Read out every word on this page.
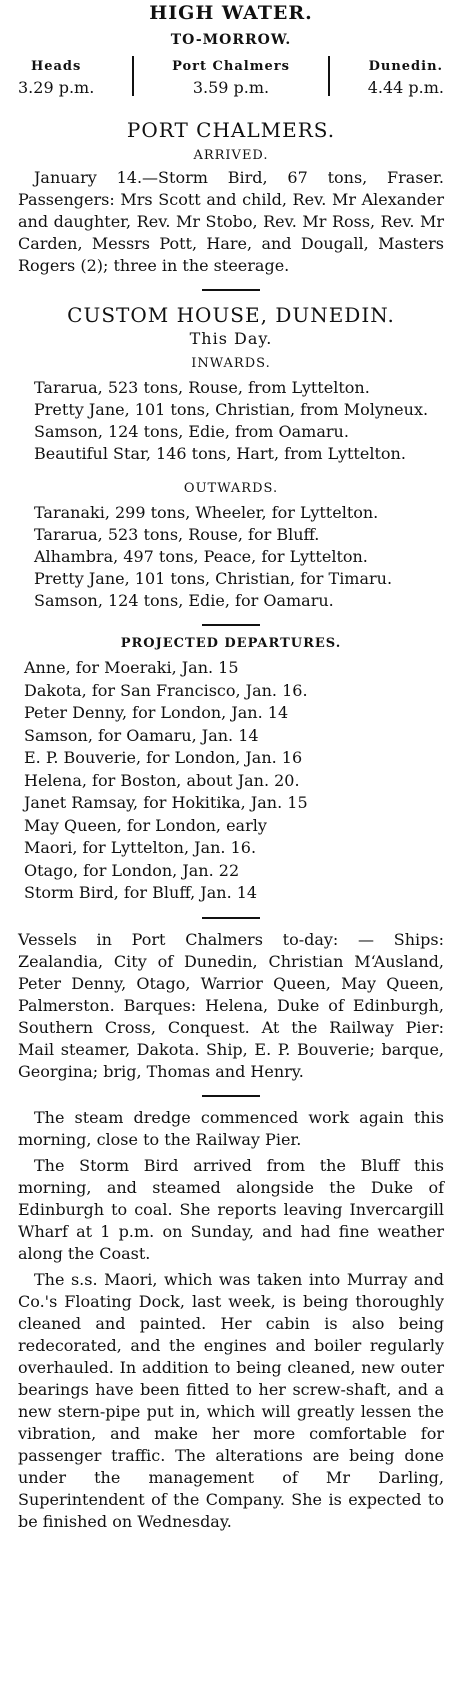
HIGH WATER.
TO-MORROW.
Heads
3.29 p.m.
Port Chalmers
3.59 p.m.
Dunedin.
4.44 p.m.
PORT CHALMERS.
ARRIVED.

January 14.—Storm Bird, 67 tons, Fraser. Passengers: Mrs Scott and child, Rev. Mr Alexander and daughter, Rev. Mr Stobo, Rev. Mr Ross, Rev. Mr Carden, Messrs Pott, Hare, and Dougall, Masters Rogers (2); three in the steerage.

CUSTOM HOUSE, DUNEDIN.
This Day.
INWARDS.
Tararua, 523 tons, Rouse, from Lyttelton.
Pretty Jane, 101 tons, Christian, from Molyneux.
Samson, 124 tons, Edie, from Oamaru.
Beautiful Star, 146 tons, Hart, from Lyttelton.
OUTWARDS.
Taranaki, 299 tons, Wheeler, for Lyttelton.
Tararua, 523 tons, Rouse, for Bluff.
Alhambra, 497 tons, Peace, for Lyttelton.
Pretty Jane, 101 tons, Christian, for Timaru.
Samson, 124 tons, Edie, for Oamaru.
PROJECTED DEPARTURES.
Anne, for Moeraki, Jan. 15
Dakota, for San Francisco, Jan. 16.
Peter Denny, for London, Jan. 14
Samson, for Oamaru, Jan. 14
E. P. Bouverie, for London, Jan. 16
Helena, for Boston, about Jan. 20.
Janet Ramsay, for Hokitika, Jan. 15
May Queen, for London, early
Maori, for Lyttelton, Jan. 16.
Otago, for London, Jan. 22
Storm Bird, for Bluff, Jan. 14

Vessels in Port Chalmers to-day: — Ships: Zealandia, City of Dunedin, Christian M‘Ausland, Peter Denny, Otago, Warrior Queen, May Queen, Palmerston. Barques: Helena, Duke of Edinburgh, Southern Cross, Conquest. At the Railway Pier: Mail steamer, Dakota. Ship, E. P. Bouverie; barque, Georgina; brig, Thomas and Henry.

The steam dredge commenced work again this morning, close to the Railway Pier.

The Storm Bird arrived from the Bluff this morning, and steamed alongside the Duke of Edinburgh to coal. She reports leaving Invercargill Wharf at 1 p.m. on Sunday, and had fine weather along the Coast.

The s.s. Maori, which was taken into Murray and Co.'s Floating Dock, last week, is being thoroughly cleaned and painted. Her cabin is also being redecorated, and the engines and boiler regularly overhauled. In addition to being cleaned, new outer bearings have been fitted to her screw-shaft, and a new stern-pipe put in, which will greatly lessen the vibration, and make her more comfortable for passenger traffic. The alterations are being done under the management of Mr Darling, Superintendent of the Company. She is expected to be finished on Wednesday.
